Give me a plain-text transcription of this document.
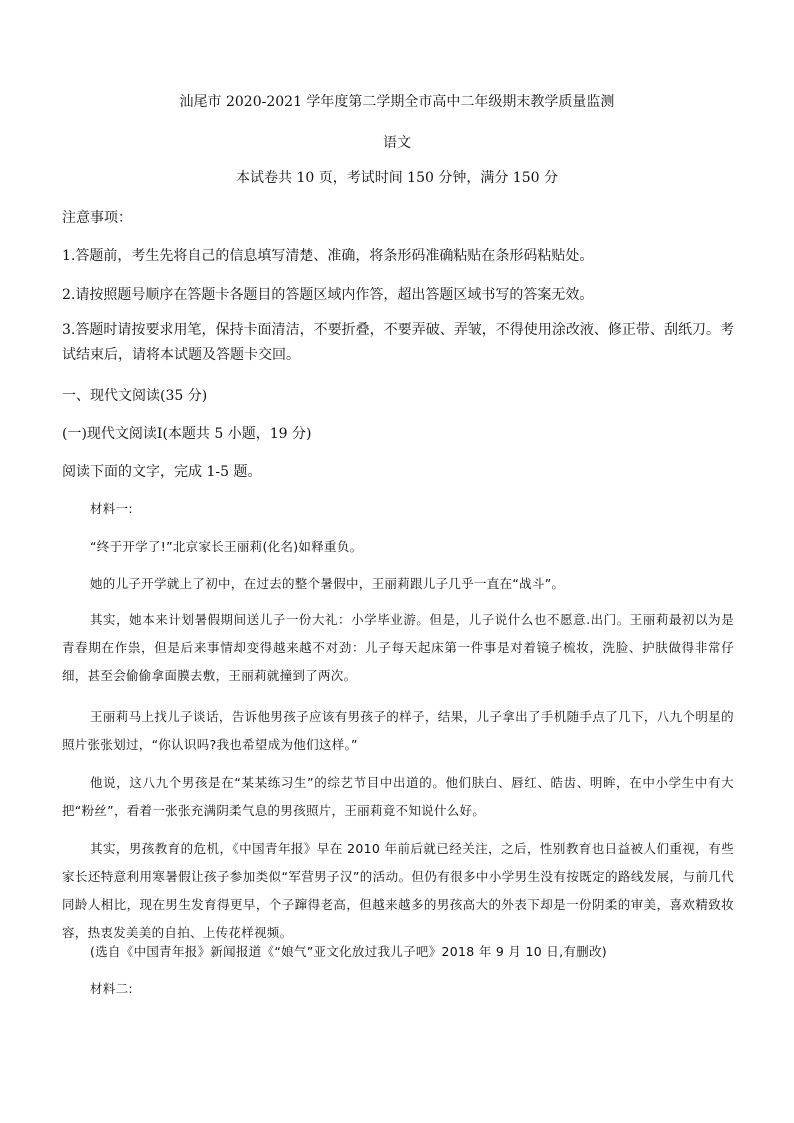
汕尾市 2020-2021 学年度第二学期全市高中二年级期末教学质量监测
语文
本试卷共 10 页，考试时间 150 分钟，满分 150 分
注意事项：
1.答题前，考生先将自己的信息填写清楚、准确，将条形码准确粘贴在条形码粘贴处。
2.请按照题号顺序在答题卡各题目的答题区域内作答，超出答题区域书写的答案无效。
3.答题时请按要求用笔，保持卡面清洁，不要折叠，不要弄破、弄皱，不得使用涂改液、修正带、刮纸刀。考试结束后，请将本试题及答题卡交回。
一、现代文阅读(35 分)
(一)现代文阅读Ⅰ(本题共 5 小题，19 分)
阅读下面的文字，完成 1-5 题。
材料一:
“终于开学了!”北京家长王丽莉(化名)如释重负。
她的儿子开学就上了初中，在过去的整个暑假中，王丽莉跟儿子几乎一直在“战斗”。
其实，她本来计划暑假期间送儿子一份大礼：小学毕业游。但是，儿子说什么也不愿意.出门。王丽莉最初以为是青春期在作祟，但是后来事情却变得越来越不对劲：儿子每天起床第一件事是对着镜子梳妆，洗脸、护肤做得非常仔细，甚至会偷偷拿面膜去敷，王丽莉就撞到了两次。
王丽莉马上找儿子谈话，告诉他男孩子应该有男孩子的样子，结果，儿子拿出了手机随手点了几下，八九个明星的照片张张划过，“你认识吗?我也希望成为他们这样。”
他说，这八九个男孩是在“某某练习生”的综艺节目中出道的。他们肤白、唇红、皓齿、明眸，在中小学生中有大把“粉丝”，看着一张张充满阴柔气息的男孩照片，王丽莉竟不知说什么好。
其实，男孩教育的危机，《中国青年报》早在 2010 年前后就已经关注，之后，性别教育也日益被人们重视，有些家长还特意利用寒暑假让孩子参加类似“军营男子汉”的活动。但仍有很多中小学男生没有按既定的路线发展，与前几代同龄人相比，现在男生发育得更早，个子蹿得老高，但越来越多的男孩高大的外表下却是一份阴柔的审美，喜欢精致妆容，热衷发美美的自拍、上传花样视频。
(选自《中国青年报》新闻报道《“娘气”亚文化放过我儿子吧》2018 年 9 月 10 日,有删改)
材料二:
